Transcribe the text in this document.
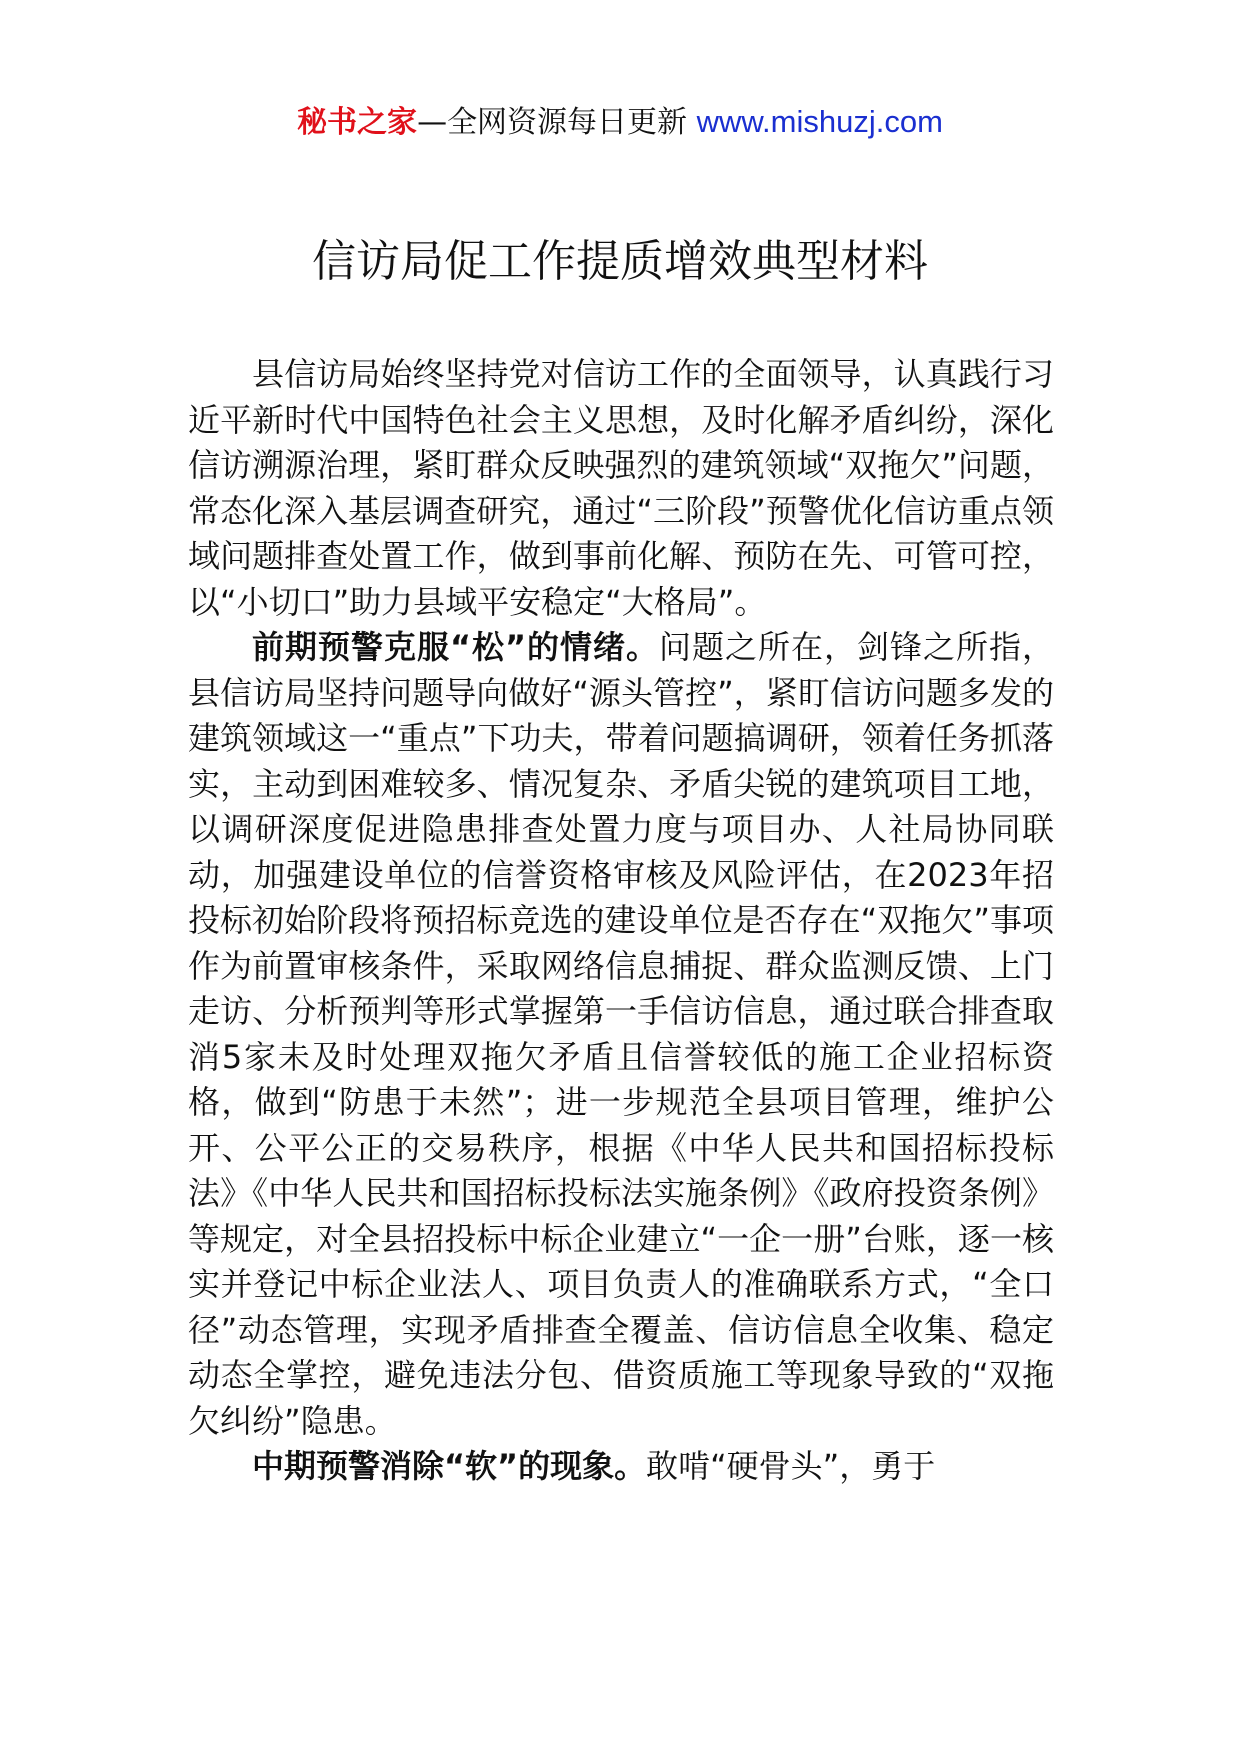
秘书之家—全网资源每日更新 www.mishuzj.com
信访局促工作提质增效典型材料

县信访局始终坚持党对信访工作的全面领导，认真践行习近平新时代中国特色社会主义思想，及时化解矛盾纠纷，深化信访溯源治理，紧盯群众反映强烈的建筑领域“双拖欠”问题，常态化深入基层调查研究，通过“三阶段”预警优化信访重点领域问题排查处置工作，做到事前化解、预防在先、可管可控，以“小切口”助力县域平安稳定“大格局”。

前期预警克服“松”的情绪。问题之所在，剑锋之所指，县信访局坚持问题导向做好“源头管控”，紧盯信访问题多发的建筑领域这一“重点”下功夫，带着问题搞调研，领着任务抓落实，主动到困难较多、情况复杂、矛盾尖锐的建筑项目工地，以调研深度促进隐患排查处置力度与项目办、人社局协同联动，加强建设单位的信誉资格审核及风险评估，在2023年招投标初始阶段将预招标竞选的建设单位是否存在“双拖欠”事项作为前置审核条件，采取网络信息捕捉、群众监测反馈、上门走访、分析预判等形式掌握第一手信访信息，通过联合排查取消5家未及时处理双拖欠矛盾且信誉较低的施工企业招标资格，做到“防患于未然”；进一步规范全县项目管理，维护公开、公平公正的交易秩序，根据《中华人民共和国招标投标法》《中华人民共和国招标投标法实施条例》《政府投资条例》等规定，对全县招投标中标企业建立“一企一册”台账，逐一核实并登记中标企业法人、项目负责人的准确联系方式，“全口径”动态管理，实现矛盾排查全覆盖、信访信息全收集、稳定动态全掌控，避免违法分包、借资质施工等现象导致的“双拖欠纠纷”隐患。

中期预警消除“软”的现象。敢啃“硬骨头”，勇于
